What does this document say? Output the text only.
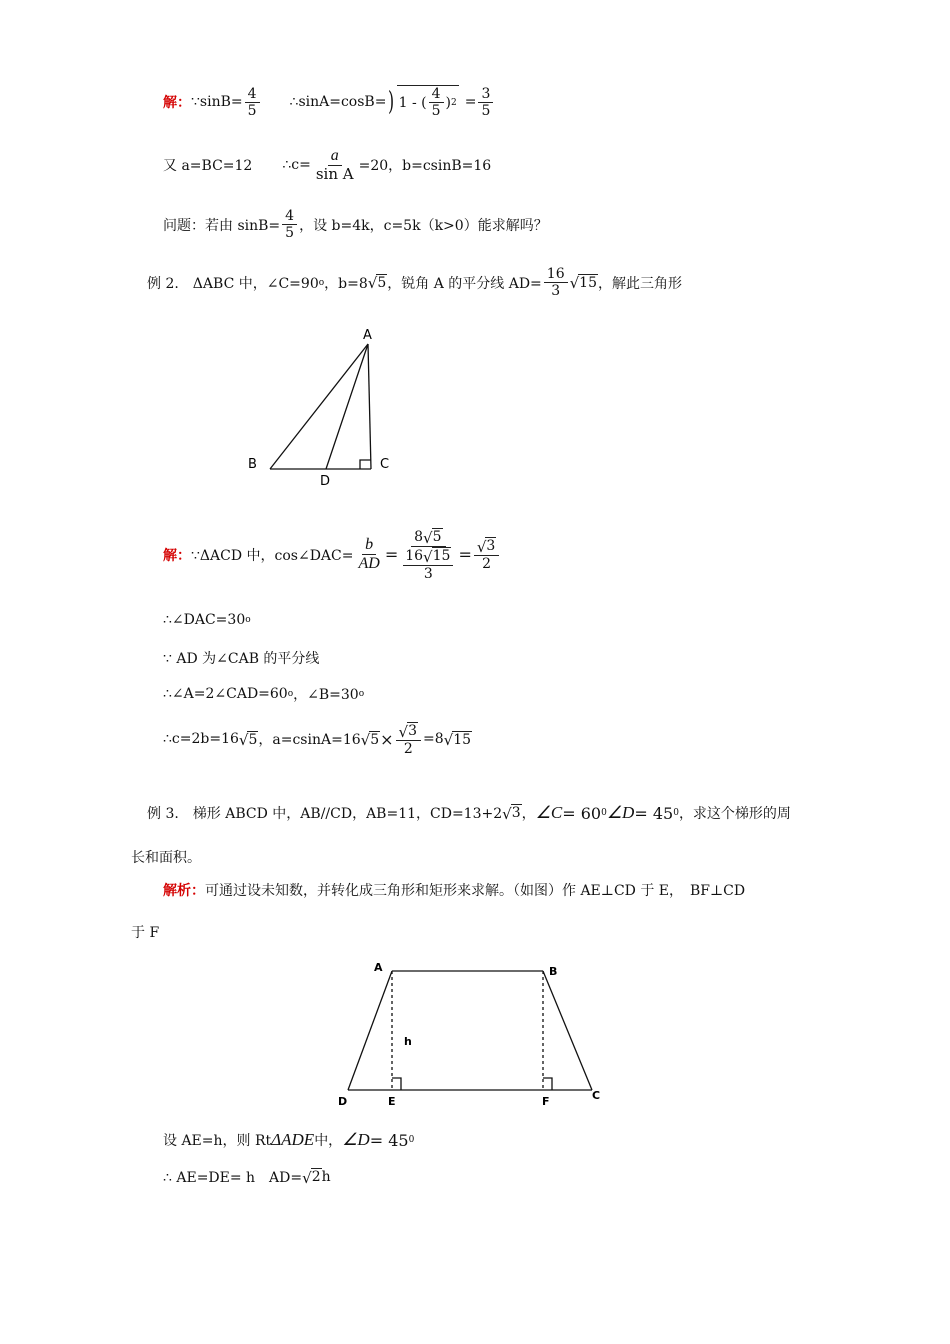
解： ∵sinB= $\frac{4}{5}$ ∴sinA=cosB= ) 1 - ( $\frac{4}{5}$ ) $2 = \frac{3}{5}$
又 a=BC=12 ∴c= $\frac{a}{\text{sin A}} =20$，b=csinB=16
问题：若由 $\sin B= \frac{4}{5}$ ，设 b=4k，c=5k（k>0）能求解吗？
例 2.　ΔABC 中，∠C=90 o ，b=8 √ 5 ，锐角 A 的平分线 $AD= \frac{16}{3}$ √ 15 ，解此三角形
A
B	C
D
解： ∵ΔACD 中，cos∠DAC= $\frac{b}{AD} = 8$ √ 5
16 √ 15
$3 = \frac{√ 3}{2}$
∴∠DAC=30 o
∵ AD 为∠CAB 的平分线
∴∠A=2∠CAD=60 o ，∠B=30 o
∴c=2b=16 √ 5 ，a=csinA=16 √ $5 \times \frac{√ 3}{2} =8$ √ 15
例 3.　梯形 ABCD 中，AB//CD，AB=11，CD=13+2 √ 3 ， ∠C = 60 0 ∠D = 45 0 ，求这个梯形的周
长和面积。
解析： 可通过设未知数，并转化成三角形和矩形来求解。（如图）作 AE⊥CD 于 E，　BF⊥CD
于 F
A	B
C
D	E	F
h
设 AE=h，则 Rt ΔADE 中， ∠D = 45 0
∴ AE=DE= h　AD= √ 2 h
